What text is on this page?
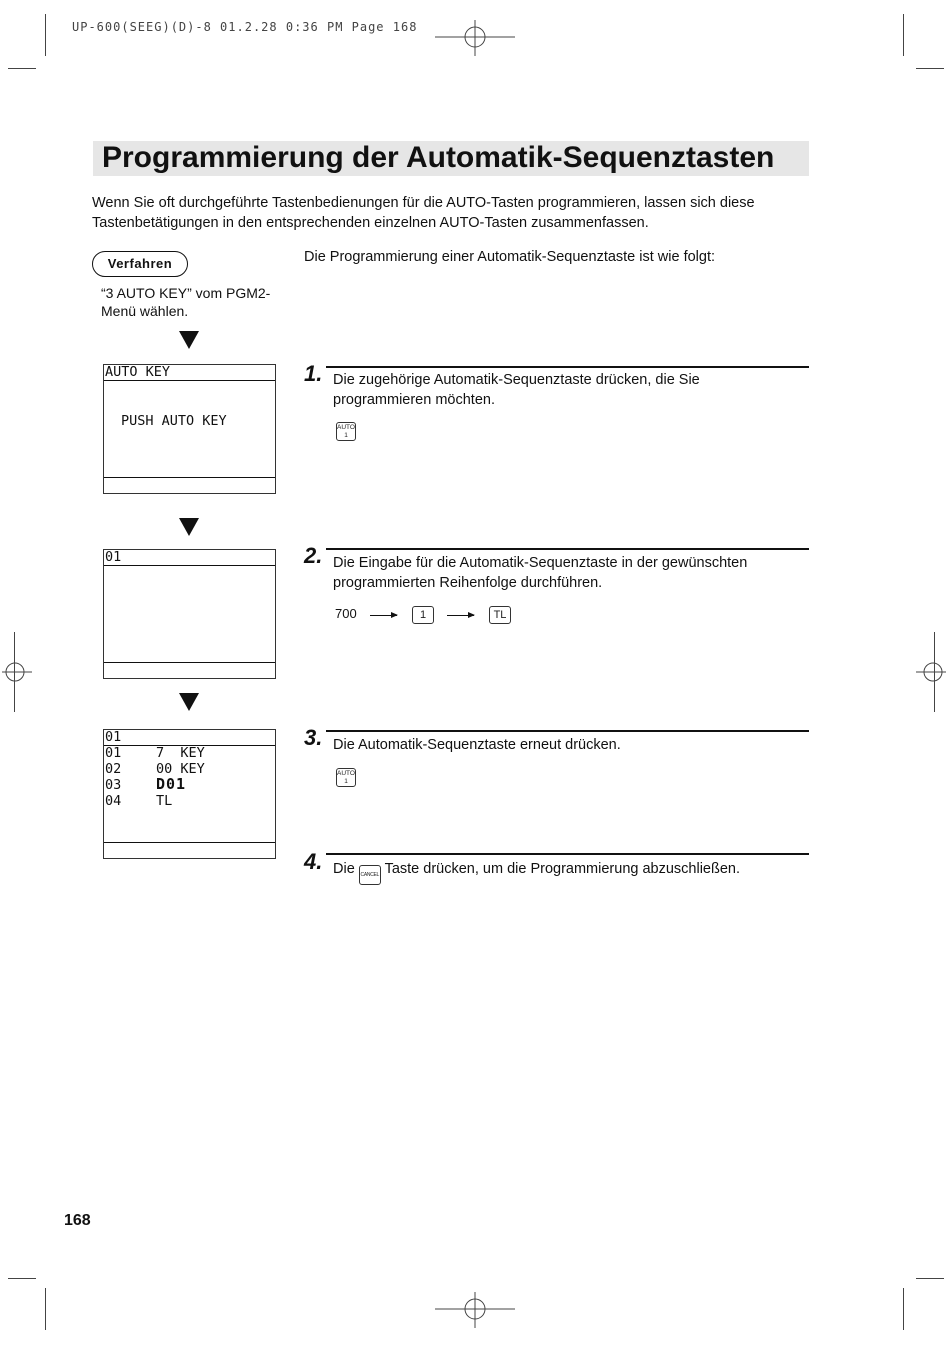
UP-600(SEEG)(D)-8 01.2.28 0:36 PM Page 168
Programmierung der Automatik-Sequenztasten
Wenn Sie oft durchgeführte Tastenbedienungen für die AUTO-Tasten programmieren, lassen sich diese Tastenbetätigungen in den entsprechenden einzelnen AUTO-Tasten zusammenfassen.
Verfahren	Die Programmierung einer Automatik-Sequenztaste ist wie folgt:
“3 AUTO KEY” vom PGM2-Menü wählen.
AUTO KEY
PUSH AUTO KEY
01
01
01	7  KEY
02	00 KEY
03 D01
04	TL
1. Die zugehörige Automatik-Sequenztaste drücken, die Sie programmieren möchten.
AUTO
1
2. Die Eingabe für die Automatik-Sequenztaste in der gewünschten programmierten Reihenfolge durchführen.
700	1	TL
3. Die Automatik-Sequenztaste erneut drücken.
AUTO
1
4. Die CANCEL Taste drücken, um die Programmierung abzuschließen.
168
